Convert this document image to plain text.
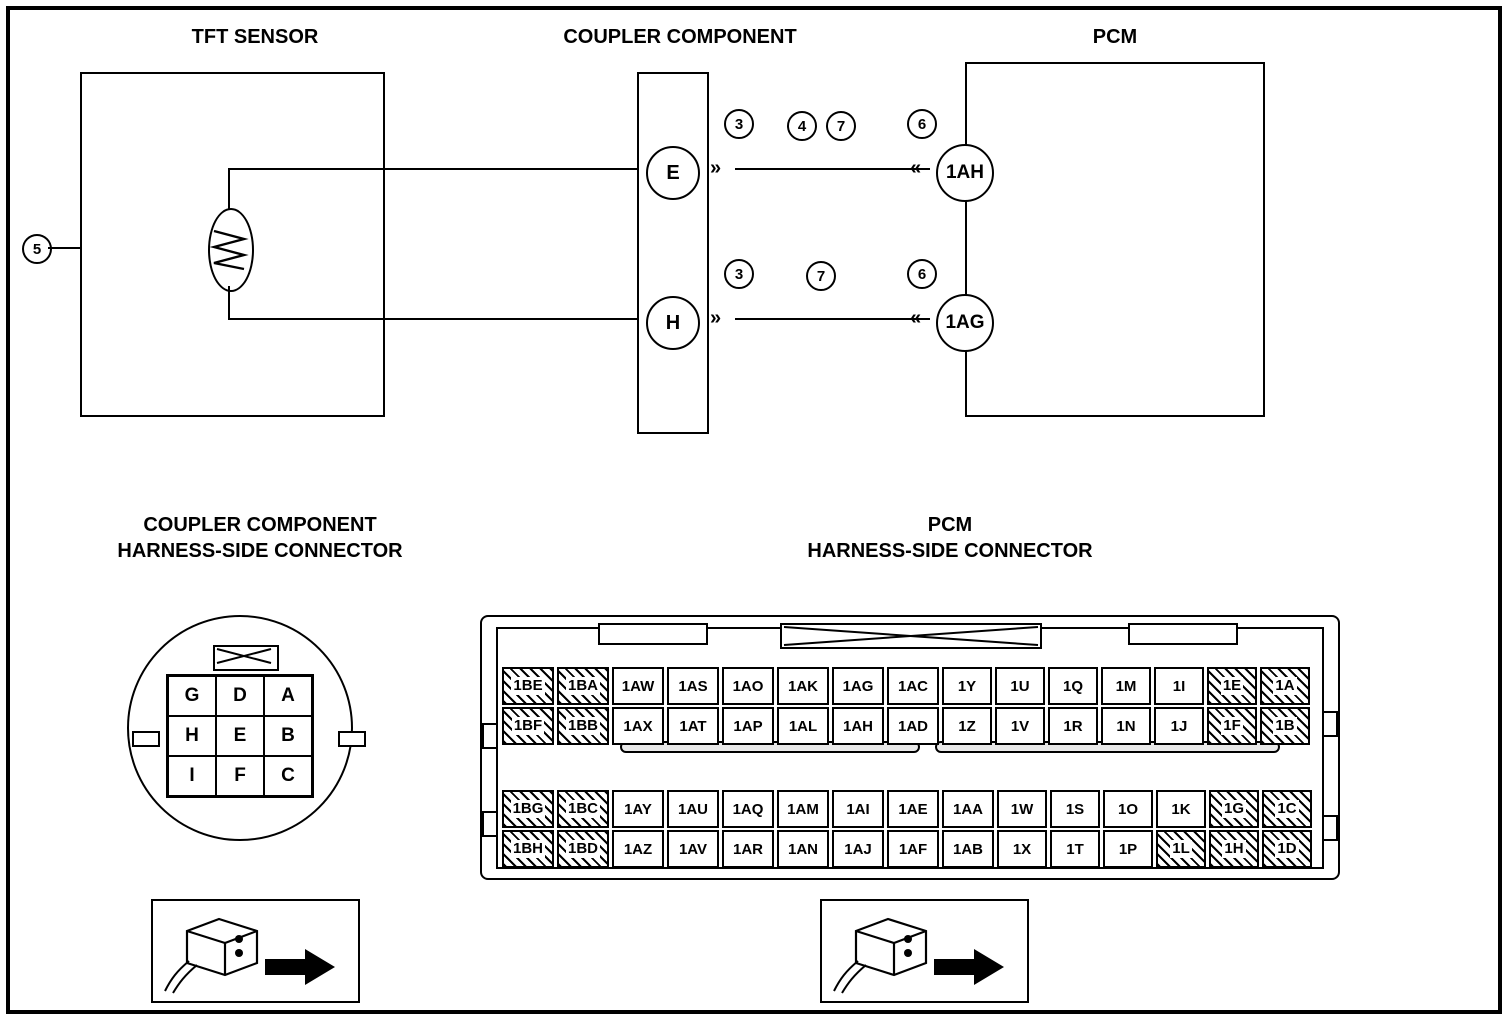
TFT SENSOR	COUPLER COMPONENT	PCM
5
E
H
»
»
«
«
3	4	7	6
3	7	6
1AH
1AG
COUPLER COMPONENT
HARNESS-SIDE CONNECTOR
PCM
HARNESS-SIDE CONNECTOR
G	D	A
H	E	B
I	F	C
1BE 1BA	1AW	1AS	1AO	1AK	1AG	1AC	1Y	1U	1Q	1M	1I	1E 1A
1BF 1BB	1AX	1AT	1AP	1AL	1AH	1AD	1Z	1V	1R	1N	1J	1F 1B
1BG 1BC	1AY	1AU	1AQ	1AM	1AI	1AE	1AA	1W	1S	1O	1K	1G 1C
1BH 1BD	1AZ	1AV	1AR	1AN	1AJ	1AF	1AB	1X	1T	1P	1L 1H 1D
